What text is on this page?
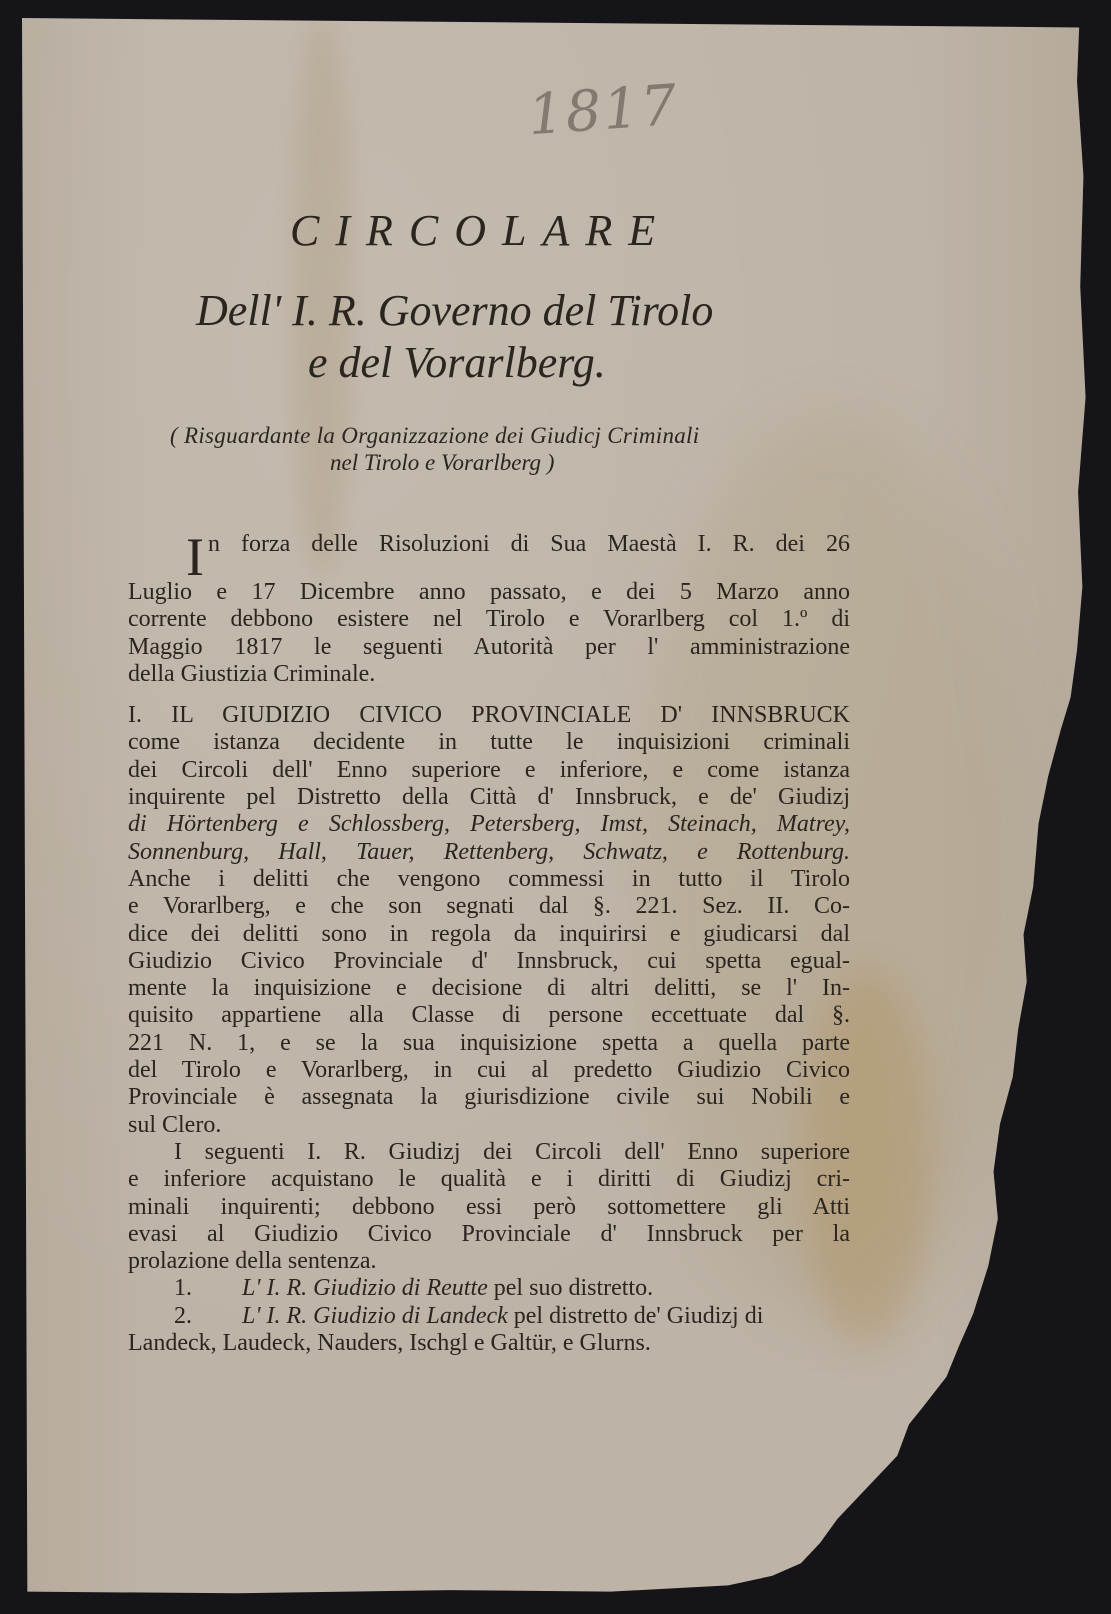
1817
CIRCOLARE
Dell' I. R. Governo del Tirolo
e del Vorarlberg.
( Risguardante la Organizzazione dei Giudicj Criminali
nel Tirolo e Vorarlberg )
I n forza delle Risoluzioni di Sua Maestà I. R. dei 26
Luglio e 17 Dicembre anno passato, e dei 5 Marzo anno
corrente debbono esistere nel Tirolo e Vorarlberg col 1.º di
Maggio 1817 le seguenti Autorità per l' amministrazione
della Giustizia Criminale.
I. IL GIUDIZIO CIVICO PROVINCIALE D' INNSBRUCK
come istanza decidente in tutte le inquisizioni criminali
dei Circoli dell' Enno superiore e inferiore, e come istanza
inquirente pel Distretto della Città d' Innsbruck, e de' Giudizj
di Hörtenberg e Schlossberg, Petersberg, Imst, Steinach, Matrey,
Sonnenburg, Hall, Tauer, Rettenberg, Schwatz, e Rottenburg.
Anche i delitti che vengono commessi in tutto il Tirolo
e Vorarlberg, e che son segnati dal §. 221. Sez. II. Co-
dice dei delitti sono in regola da inquirirsi e giudicarsi dal
Giudizio Civico Provinciale d' Innsbruck, cui spetta egual-
mente la inquisizione e decisione di altri delitti, se l' In-
quisito appartiene alla Classe di persone eccettuate dal §.
221 N. 1, e se la sua inquisizione spetta a quella parte
del Tirolo e Vorarlberg, in cui al predetto Giudizio Civico
Provinciale è assegnata la giurisdizione civile sui Nobili e
sul Clero.
I seguenti I. R. Giudizj dei Circoli dell' Enno superiore
e inferiore acquistano le qualità e i diritti di Giudizj cri-
minali inquirenti; debbono essi però sottomettere gli Atti
evasi al Giudizio Civico Provinciale d' Innsbruck per la
prolazione della sentenza.
1. L' I. R. Giudizio di Reutte pel suo distretto.
2. L' I. R. Giudizio di Landeck pel distretto de' Giudizj di
Landeck, Laudeck, Nauders, Ischgl e Galtür, e Glurns.
